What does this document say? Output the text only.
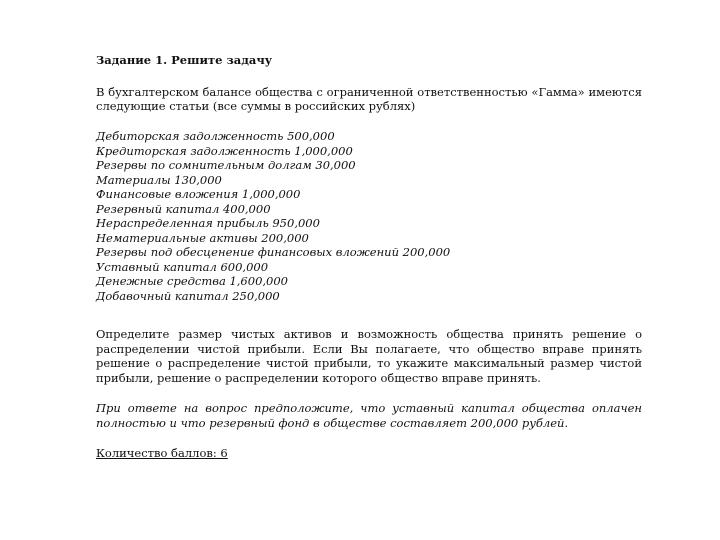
Задание 1. Решите задачу

В бухгалтерском балансе общества с ограниченной ответственностью «Гамма» имеются следующие статьи (все суммы в российских рублях)

Дебиторская задолженность 500,000
Кредиторская задолженность 1,000,000
Резервы по сомнительным долгам 30,000
Материалы 130,000
Финансовые вложения 1,000,000
Резервный капитал 400,000
Нераспределенная прибыль 950,000
Нематериальные активы 200,000
Резервы под обесценение финансовых вложений 200,000
Уставный капитал 600,000
Денежные средства 1,600,000
Добавочный капитал 250,000

Определите размер чистых активов и возможность общества принять решение о распределении чистой прибыли. Если Вы полагаете, что общество вправе принять решение о распределение чистой прибыли, то укажите максимальный размер чистой прибыли, решение о распределении которого общество вправе принять.

При ответе на вопрос предположите, что уставный капитал общества оплачен полностью и что резервный фонд в обществе составляет 200,000 рублей.

Количество баллов: 6
